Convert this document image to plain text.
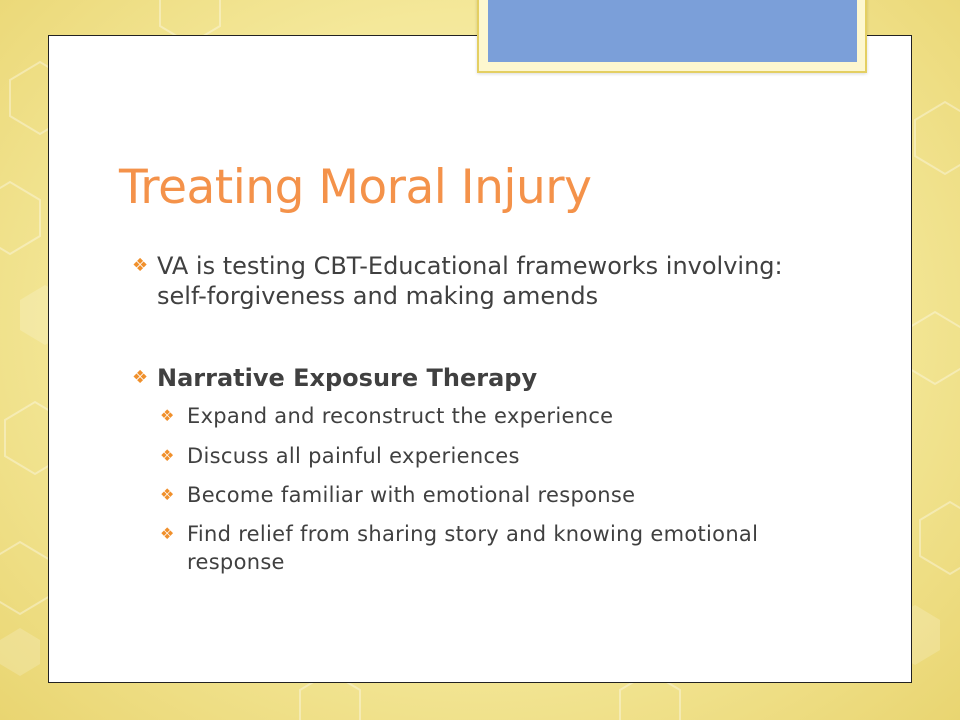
Treating Moral Injury
❖ VA is testing CBT-Educational frameworks involving: self-forgiveness and making amends
❖ Narrative Exposure Therapy
❖ Expand and reconstruct the experience
❖ Discuss all painful experiences
❖ Become familiar with emotional response
❖ Find relief from sharing story and knowing emotional response
